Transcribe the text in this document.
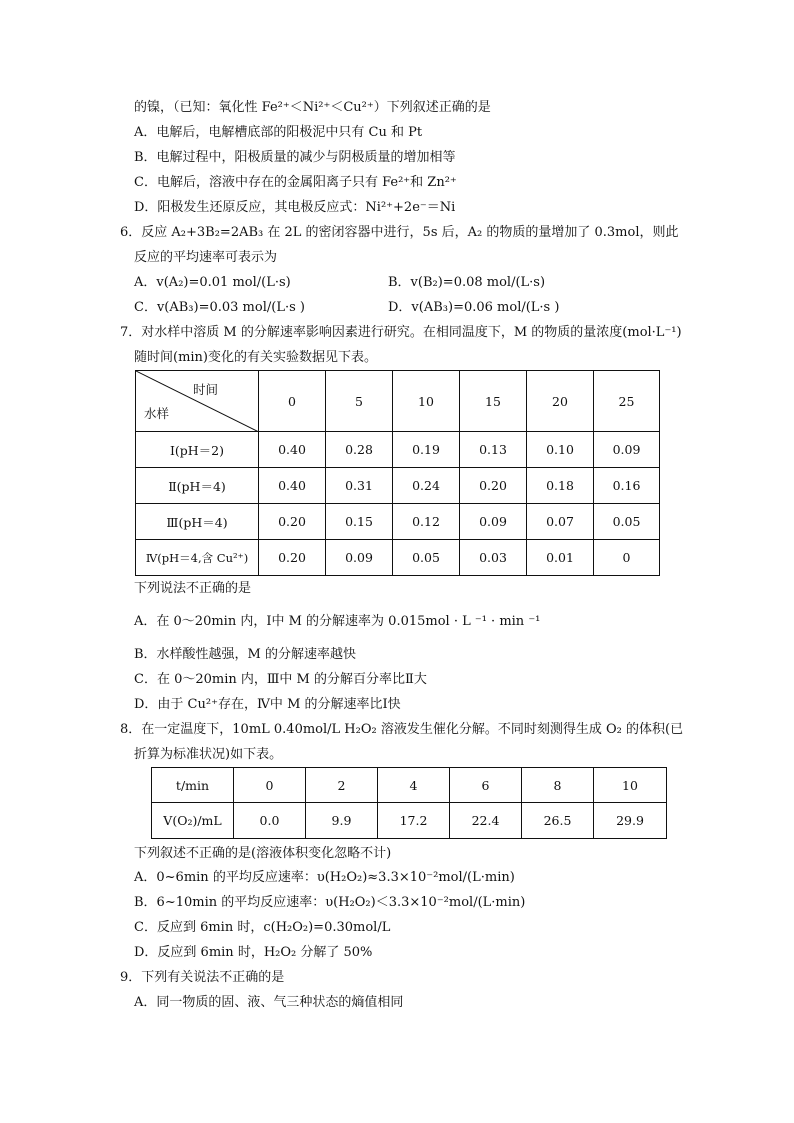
的镍，（已知：氧化性 Fe²⁺＜Ni²⁺＜Cu²⁺）下列叙述正确的是
A．电解后，电解槽底部的阳极泥中只有 Cu 和 Pt
B．电解过程中，阳极质量的减少与阴极质量的增加相等
C．电解后，溶液中存在的金属阳离子只有 Fe²⁺和 Zn²⁺
D．阳极发生还原反应，其电极反应式：Ni²⁺+2e⁻＝Ni
6．反应 A₂+3B₂=2AB₃ 在 2L 的密闭容器中进行，5s 后，A₂ 的物质的量增加了 0.3mol，则此
反应的平均速率可表示为
A．v(A₂)=0.01 mol/(L·s)	B．v(B₂)=0.08 mol/(L·s)
C．v(AB₃)=0.03 mol/(L·s )	D．v(AB₃)=0.06 mol/(L·s )
7．对水样中溶质 M 的分解速率影响因素进行研究。在相同温度下，M 的物质的量浓度(mol·L⁻¹)
随时间(min)变化的有关实验数据见下表。
时间
水样	0	5	10	15	20	25
Ⅰ(pH＝2)	0.40	0.28	0.19	0.13	0.10	0.09
Ⅱ(pH＝4)	0.40	0.31	0.24	0.20	0.18	0.16
Ⅲ(pH＝4)	0.20	0.15	0.12	0.09	0.07	0.05
Ⅳ(pH＝4,含 Cu²⁺)	0.20	0.09	0.05	0.03	0.01	0
下列说法不正确的是
A．在 0～20min 内，Ⅰ中 M 的分解速率为 0.015mol · L ⁻¹ · min ⁻¹
B．水样酸性越强，M 的分解速率越快
C．在 0～20min 内，Ⅲ中 M 的分解百分率比Ⅱ大
D．由于 Cu²⁺存在，Ⅳ中 M 的分解速率比Ⅰ快
8．在一定温度下，10mL 0.40mol/L H₂O₂ 溶液发生催化分解。不同时刻测得生成 O₂ 的体积(已
折算为标准状况)如下表。
t/min	0	2	4	6	8	10
V(O₂)/mL	0.0	9.9	17.2	22.4	26.5	29.9
下列叙述不正确的是(溶液体积变化忽略不计)
A．0~6min 的平均反应速率：υ(H₂O₂)≈3.3×10⁻²mol/(L·min)
B．6~10min 的平均反应速率：υ(H₂O₂)＜3.3×10⁻²mol/(L·min)
C．反应到 6min 时，c(H₂O₂)=0.30mol/L
D．反应到 6min 时，H₂O₂ 分解了 50%
9．下列有关说法不正确的是
A．同一物质的固、液、气三种状态的熵值相同
